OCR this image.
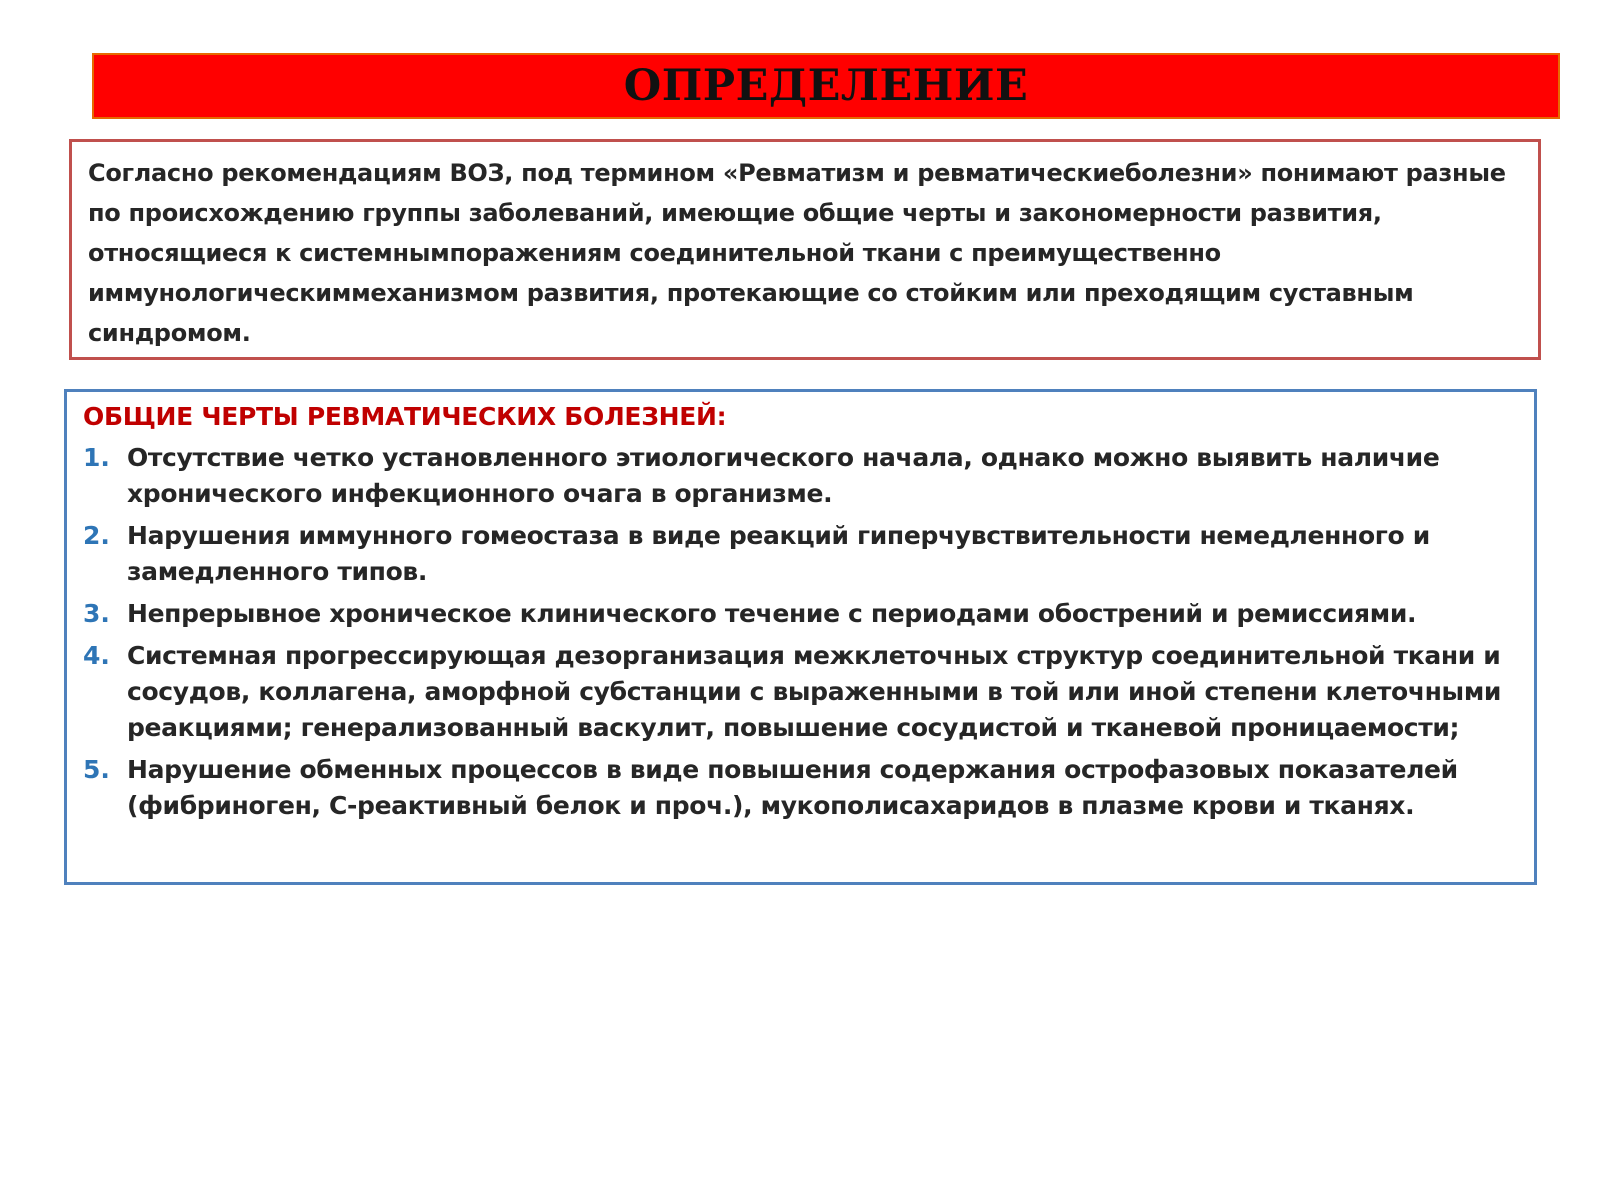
ОПРЕДЕЛЕНИЕ

Согласно рекомендациям ВОЗ, под термином «Ревматизм и ревматическиеболезни» понимают разные по происхождению группы заболеваний, имеющие общие черты и закономерности развития, относящиеся к системнымпоражениям соединительной ткани с преимущественно иммунологическиммеханизмом развития, протекающие со стойким или преходящим суставным синдромом.

ОБЩИЕ ЧЕРТЫ РЕВМАТИЧЕСКИХ БОЛЕЗНЕЙ:
1. Отсутствие четко установленного этиологического начала, однако можно выявить наличие хронического инфекционного очага в организме.
2. Нарушения иммунного гомеостаза в виде реакций гиперчувствительности немедленного и замедленного типов.
3. Непрерывное хроническое клинического течение с периодами обострений и ремиссиями.
4. Системная прогрессирующая дезорганизация межклеточных структур соединительной ткани и сосудов, коллагена, аморфной субстанции с выраженными в той или иной степени клеточными реакциями; генерализованный васкулит, повышение сосудистой и тканевой проницаемости;
5. Нарушение обменных процессов в виде повышения содержания острофазовых показателей (фибриноген, С-реактивный белок и проч.), мукополисахаридов в плазме крови и тканях.
